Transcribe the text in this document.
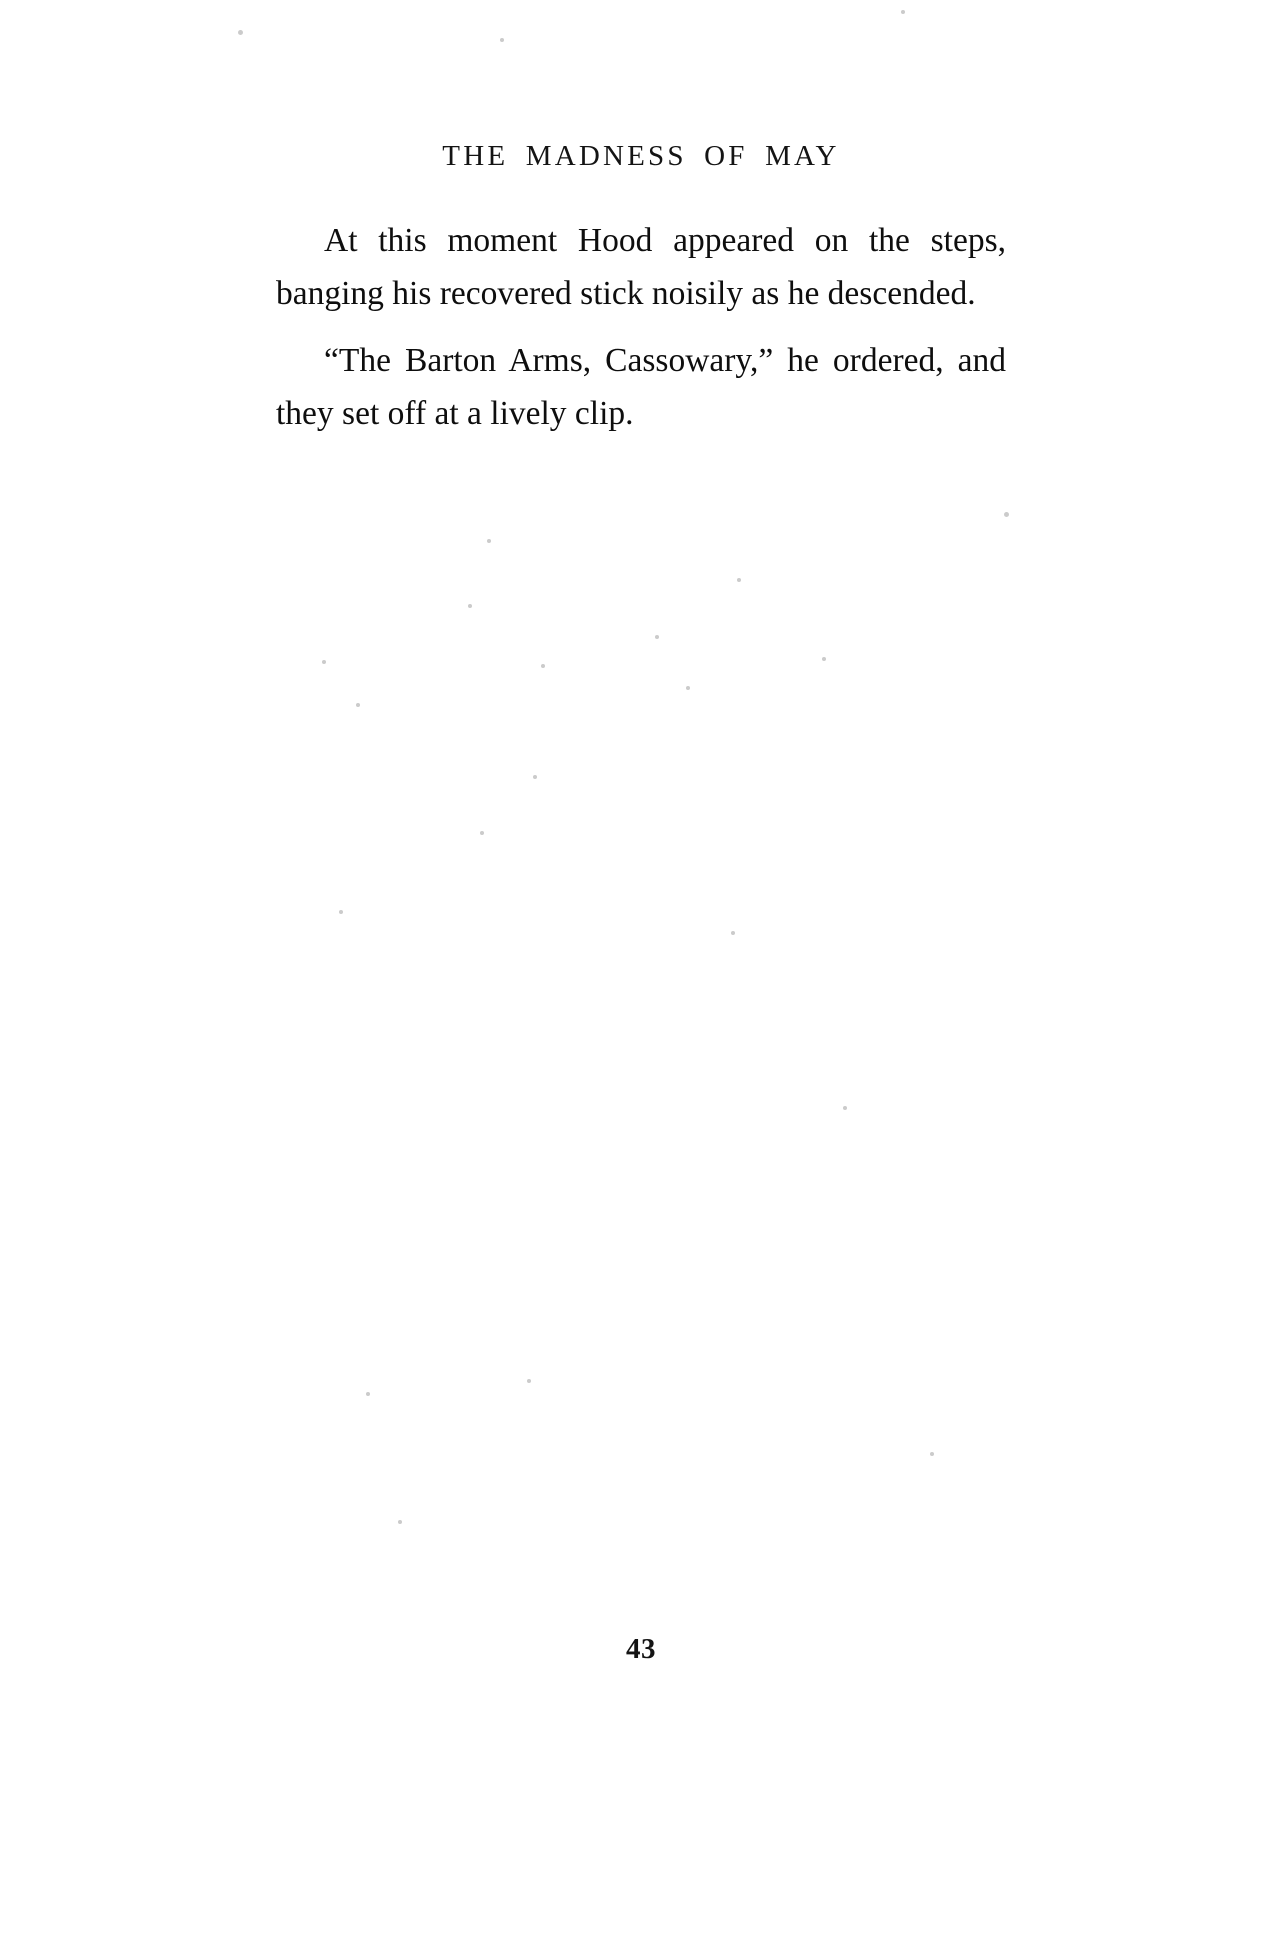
THE MADNESS OF MAY

At this moment Hood appeared on the steps, banging his recovered stick noisily as he descended.

“The Barton Arms, Cassowary,” he ordered, and they set off at a lively clip.

43
